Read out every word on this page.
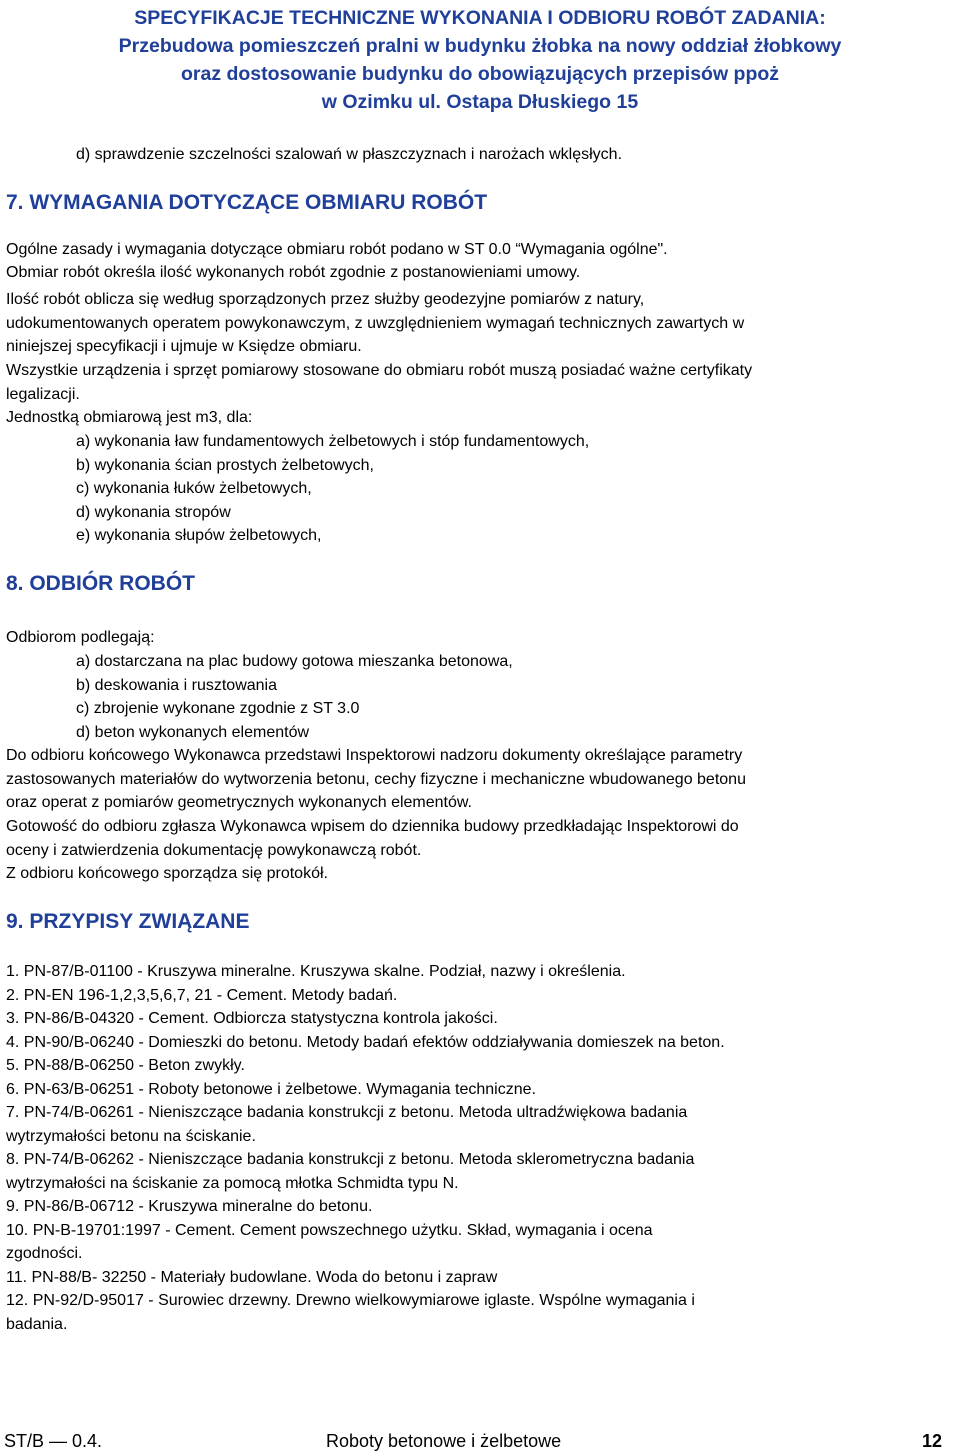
SPECYFIKACJE TECHNICZNE WYKONANIA I ODBIORU ROBÓT ZADANIA:
Przebudowa pomieszczeń pralni w budynku żłobka na nowy oddział żłobkowy
oraz dostosowanie budynku do obowiązujących przepisów ppoż
w Ozimku ul. Ostapa Dłuskiego 15
d) sprawdzenie szczelności szalowań w płaszczyznach i narożach wklęsłych.
7. WYMAGANIA DOTYCZĄCE OBMIARU ROBÓT
Ogólne zasady i wymagania dotyczące obmiaru robót podano w ST 0.0 “Wymagania ogólne".
Obmiar robót określa ilość wykonanych robót zgodnie z postanowieniami umowy.
Ilość robót oblicza się według sporządzonych przez służby geodezyjne pomiarów z natury,
udokumentowanych operatem powykonawczym, z uwzględnieniem wymagań technicznych zawartych w
niniejszej specyfikacji i ujmuje w Księdze obmiaru.
Wszystkie urządzenia i sprzęt pomiarowy stosowane do obmiaru robót muszą posiadać ważne certyfikaty
legalizacji.
Jednostką obmiarową jest m3, dla:
a) wykonania ław fundamentowych żelbetowych i stóp fundamentowych,
b) wykonania ścian prostych żelbetowych,
c) wykonania łuków żelbetowych,
d) wykonania stropów
e) wykonania słupów żelbetowych,
8. ODBIÓR ROBÓT
Odbiorom podlegają:
a) dostarczana na plac budowy gotowa mieszanka betonowa,
b) deskowania i rusztowania
c) zbrojenie wykonane zgodnie z ST 3.0
d) beton wykonanych elementów
Do odbioru końcowego Wykonawca przedstawi Inspektorowi nadzoru dokumenty określające parametry
zastosowanych materiałów do wytworzenia betonu, cechy fizyczne i mechaniczne wbudowanego betonu
oraz operat z pomiarów geometrycznych wykonanych elementów.
Gotowość do odbioru zgłasza Wykonawca wpisem do dziennika budowy przedkładając Inspektorowi do
oceny i zatwierdzenia dokumentację powykonawczą robót.
Z odbioru końcowego sporządza się protokół.
9. PRZYPISY ZWIĄZANE
1. PN-87/B-01100 - Kruszywa mineralne. Kruszywa skalne. Podział, nazwy i określenia.
2. PN-EN 196-1,2,3,5,6,7, 21 - Cement. Metody badań.
3. PN-86/B-04320 - Cement. Odbiorcza statystyczna kontrola jakości.
4. PN-90/B-06240 - Domieszki do betonu. Metody badań efektów oddziaływania domieszek na beton.
5. PN-88/B-06250 - Beton zwykły.
6. PN-63/B-06251 - Roboty betonowe i żelbetowe. Wymagania techniczne.
7. PN-74/B-06261 - Nieniszczące badania konstrukcji z betonu. Metoda ultradźwiękowa badania
wytrzymałości betonu na ściskanie.
8. PN-74/B-06262 - Nieniszczące badania konstrukcji z betonu. Metoda sklerometryczna badania
wytrzymałości na ściskanie za pomocą młotka Schmidta typu N.
9. PN-86/B-06712 - Kruszywa mineralne do betonu.
10. PN-B-19701:1997 - Cement. Cement powszechnego użytku. Skład, wymagania i ocena
zgodności.
11. PN-88/B- 32250 - Materiały budowlane. Woda do betonu i zapraw
12. PN-92/D-95017 - Surowiec drzewny. Drewno wielkowymiarowe iglaste. Wspólne wymagania i
badania.
ST/B — 0.4.	Roboty betonowe i żelbetowe	12
